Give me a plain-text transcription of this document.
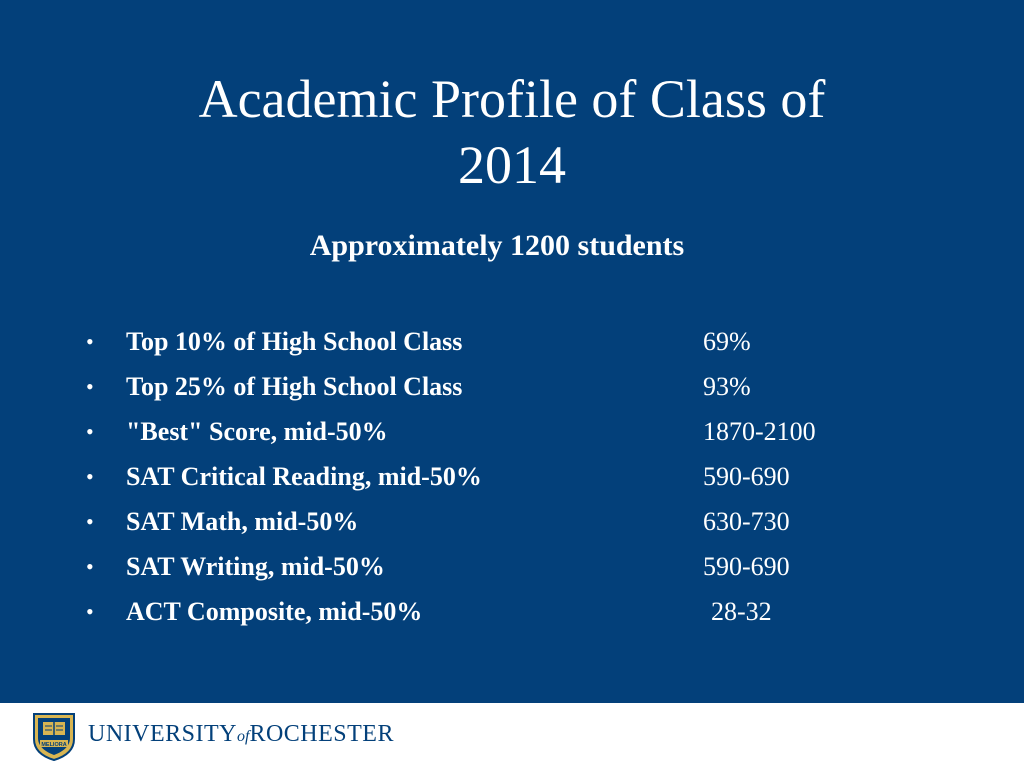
Academic Profile of Class of
2014
Approximately 1200 students
• Top 10% of High School Class	69%
• Top 25% of High School Class	93%
• "Best" Score, mid-50%	1870-2100
• SAT Critical Reading, mid-50%	590-690
• SAT Math, mid-50%	630-730
• SAT Writing, mid-50%	590-690
• ACT Composite, mid-50%	28-32
MELIORA UNIVERSITYofROCHESTER
